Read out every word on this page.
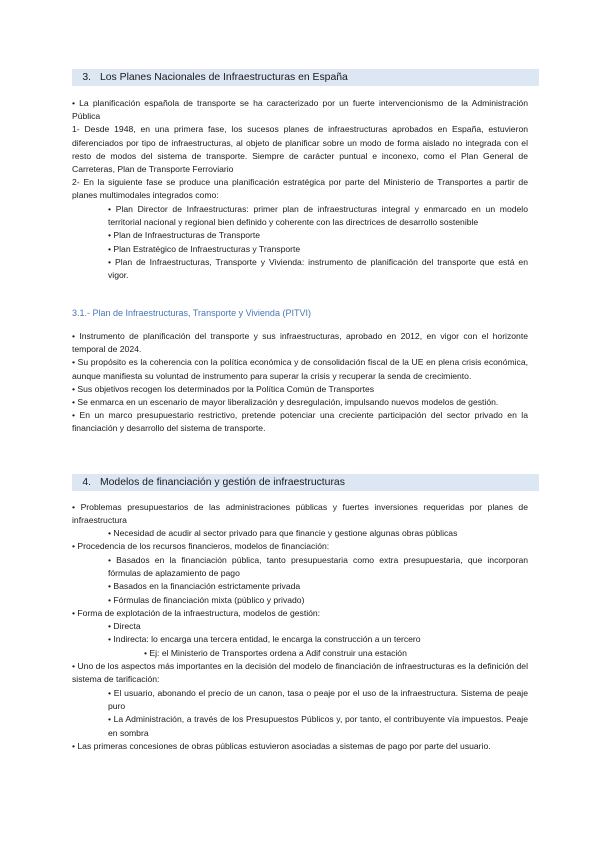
3. Los Planes Nacionales de Infraestructuras en España

• La planificación española de transporte se ha caracterizado por un fuerte intervencionismo de la Administración Pública

1- Desde 1948, en una primera fase, los sucesos planes de infraestructuras aprobados en España, estuvieron diferenciados por tipo de infraestructuras, al objeto de planificar sobre un modo de forma aislado no integrada con el resto de modos del sistema de transporte. Siempre de carácter puntual e inconexo, como el Plan General de Carreteras, Plan de Transporte Ferroviario

2- En la siguiente fase se produce una planificación estratégica por parte del Ministerio de Transportes a partir de planes multimodales integrados como:

• Plan Director de Infraestructuras: primer plan de infraestructuras integral y enmarcado en un modelo territorial nacional y regional bien definido y coherente con las directrices de desarrollo sostenible

• Plan de Infraestructuras de Transporte

• Plan Estratégico de Infraestructuras y Transporte

• Plan de Infraestructuras, Transporte y Vivienda: instrumento de planificación del transporte que está en vigor.

3.1.- Plan de Infraestructuras, Transporte y Vivienda (PITVI)

• Instrumento de planificación del transporte y sus infraestructuras, aprobado en 2012, en vigor con el horizonte temporal de 2024.

• Su propósito es la coherencia con la política económica y de consolidación fiscal de la UE en plena crisis económica, aunque manifiesta su voluntad de instrumento para superar la crisis y recuperar la senda de crecimiento.

• Sus objetivos recogen los determinados por la Política Común de Transportes

• Se enmarca en un escenario de mayor liberalización y desregulación, impulsando nuevos modelos de gestión.

• En un marco presupuestario restrictivo, pretende potenciar una creciente participación del sector privado en la financiación y desarrollo del sistema de transporte.

4. Modelos de financiación y gestión de infraestructuras

• Problemas presupuestarios de las administraciones públicas y fuertes inversiones requeridas por planes de infraestructura

• Necesidad de acudir al sector privado para que financie y gestione algunas obras públicas

• Procedencia de los recursos financieros, modelos de financiación:

• Basados en la financiación pública, tanto presupuestaria como extra presupuestaria, que incorporan fórmulas de aplazamiento de pago

• Basados en la financiación estrictamente privada

• Fórmulas de financiación mixta (público y privado)

• Forma de explotación de la infraestructura, modelos de gestión:

• Directa

• Indirecta: lo encarga una tercera entidad, le encarga la construcción a un tercero

• Ej: el Ministerio de Transportes ordena a Adif construir una estación

• Uno de los aspectos más importantes en la decisión del modelo de financiación de infraestructuras es la definición del sistema de tarificación:

• El usuario, abonando el precio de un canon, tasa o peaje por el uso de la infraestructura. Sistema de peaje puro

• La Administración, a través de los Presupuestos Públicos y, por tanto, el contribuyente vía impuestos. Peaje en sombra

• Las primeras concesiones de obras públicas estuvieron asociadas a sistemas de pago por parte del usuario.
